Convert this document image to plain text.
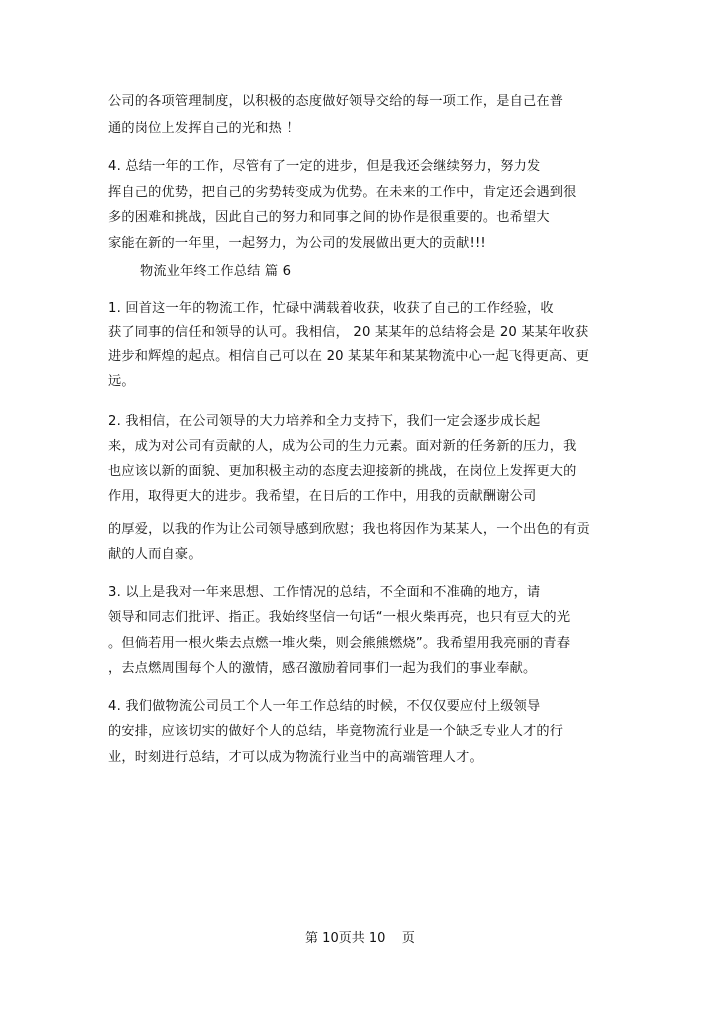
公司的各项管理制度，以积极的态度做好领导交给的每一项工作，是自己在普
通的岗位上发挥自己的光和热 ！
4. 总结一年的工作，尽管有了一定的进步，但是我还会继续努力，努力发
挥自己的优势，把自己的劣势转变成为优势。在未来的工作中，肯定还会遇到很
多的困难和挑战，因此自己的努力和同事之间的协作是很重要的。也希望大
家能在新的一年里，一起努力，为公司的发展做出更大的贡献!!!
物流业年终工作总结 篇 6
1. 回首这一年的物流工作，忙碌中满载着收获，收获了自己的工作经验，收
获了同事的信任和领导的认可。我相信， 20 某某年的总结将会是 20 某某年收获
进步和辉煌的起点。相信自己可以在 20 某某年和某某物流中心一起飞得更高、更
远。
2. 我相信，在公司领导的大力培养和全力支持下，我们一定会逐步成长起
来，成为对公司有贡献的人，成为公司的生力元素。面对新的任务新的压力，我
也应该以新的面貌、更加积极主动的态度去迎接新的挑战，在岗位上发挥更大的
作用，取得更大的进步。我希望，在日后的工作中，用我的贡献酬谢公司
的厚爱，以我的作为让公司领导感到欣慰；我也将因作为某某人，一个出色的有贡
献的人而自豪。
3. 以上是我对一年来思想、工作情况的总结，不全面和不准确的地方，请
领导和同志们批评、指正。我始终坚信一句话“一根火柴再亮，也只有豆大的光
。但倘若用一根火柴去点燃一堆火柴，则会熊熊燃烧”。我希望用我亮丽的青春
，去点燃周围每个人的激情，感召激励着同事们一起为我们的事业奉献。
4. 我们做物流公司员工个人一年工作总结的时候，不仅仅要应付上级领导
的安排，应该切实的做好个人的总结，毕竟物流行业是一个缺乏专业人才的行
业，时刻进行总结，才可以成为物流行业当中的高端管理人才。
第 10页共 10    页
